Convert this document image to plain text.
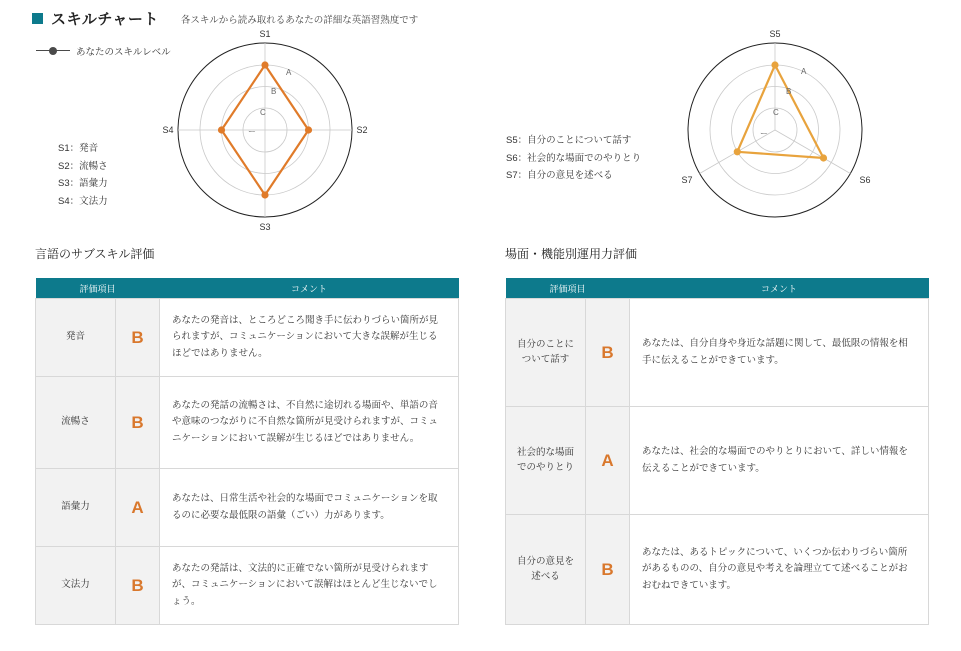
スキルチャート 各スキルから読み取れるあなたの詳細な英語習熟度です
あなたのスキルレベル
A
B
C
ー
S1
S2
S3
S4
S1：発音
S2：流暢さ
S3：語彙力
S4：文法力
A
B
C
ー
S5
S6
S7
S5：自分のことについて話す
S6：社会的な場面でのやりとり
S7：自分の意見を述べる
言語のサブスキル評価	場面・機能別運用力評価
評価項目		コメント
発音	B	あなたの発音は、ところどころ聞き手に伝わりづらい箇所が見られますが、コミュニケーションにおいて大きな誤解が生じるほどではありません。
流暢さ	B	あなたの発話の流暢さは、不自然に途切れる場面や、単語の音や意味のつながりに不自然な箇所が見受けられますが、コミュニケーションにおいて誤解が生じるほどではありません。
語彙力	A	あなたは、日常生活や社会的な場面でコミュニケーションを取るのに必要な最低限の語彙（ごい）力があります。
文法力	B	あなたの発話は、文法的に正確でない箇所が見受けられますが、コミュニケーションにおいて誤解はほとんど生じないでしょう。
評価項目		コメント
自分のことに
ついて話す	B	あなたは、自分自身や身近な話題に関して、最低限の情報を相手に伝えることができています。
社会的な場面
でのやりとり	A	あなたは、社会的な場面でのやりとりにおいて、詳しい情報を伝えることができています。
自分の意見を
述べる	B	あなたは、あるトピックについて、いくつか伝わりづらい箇所があるものの、自分の意見や考えを論理立てて述べることがおおむねできています。
